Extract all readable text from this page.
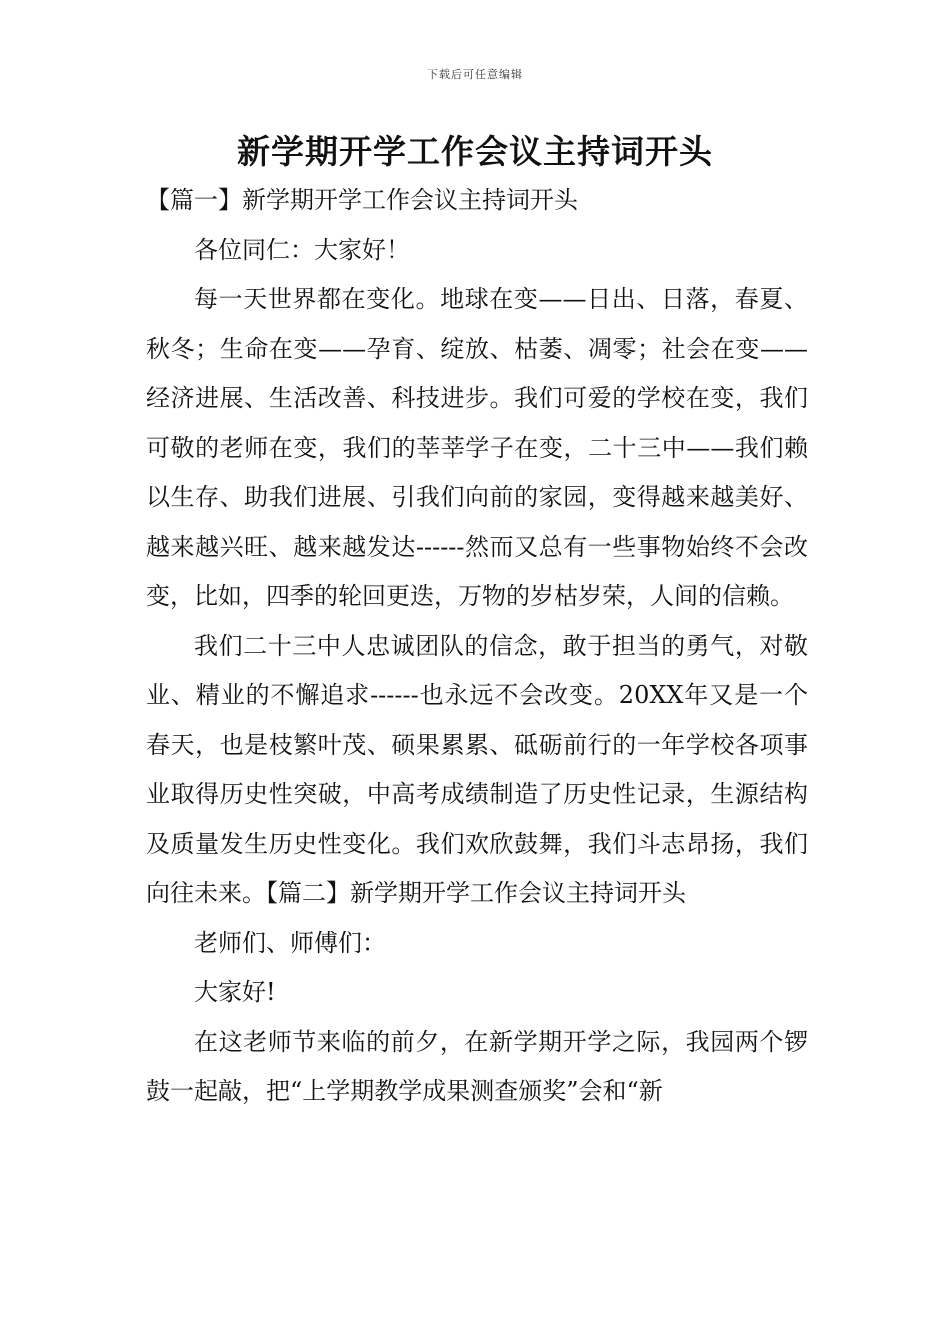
下载后可任意编辑
新学期开学工作会议主持词开头

【篇一】新学期开学工作会议主持词开头

各位同仁：大家好！

每一天世界都在变化。地球在变——日出、日落，春夏、秋冬；生命在变——孕育、绽放、枯萎、凋零；社会在变——经济进展、生活改善、科技进步。我们可爱的学校在变，我们可敬的老师在变，我们的莘莘学子在变，二十三中——我们赖以生存、助我们进展、引我们向前的家园，变得越来越美好、越来越兴旺、越来越发达------然而又总有一些事物始终不会改变，比如，四季的轮回更迭，万物的岁枯岁荣，人间的信赖。

我们二十三中人忠诚团队的信念，敢于担当的勇气，对敬业、精业的不懈追求------也永远不会改变。20XX年又是一个春天，也是枝繁叶茂、硕果累累、砥砺前行的一年学校各项事业取得历史性突破，中高考成绩制造了历史性记录，生源结构及质量发生历史性变化。我们欢欣鼓舞，我们斗志昂扬，我们向往未来。【篇二】新学期开学工作会议主持词开头

老师们、师傅们：

大家好!

在这老师节来临的前夕，在新学期开学之际，我园两个锣鼓一起敲，把“上学期教学成果测查颁奖”会和“新
